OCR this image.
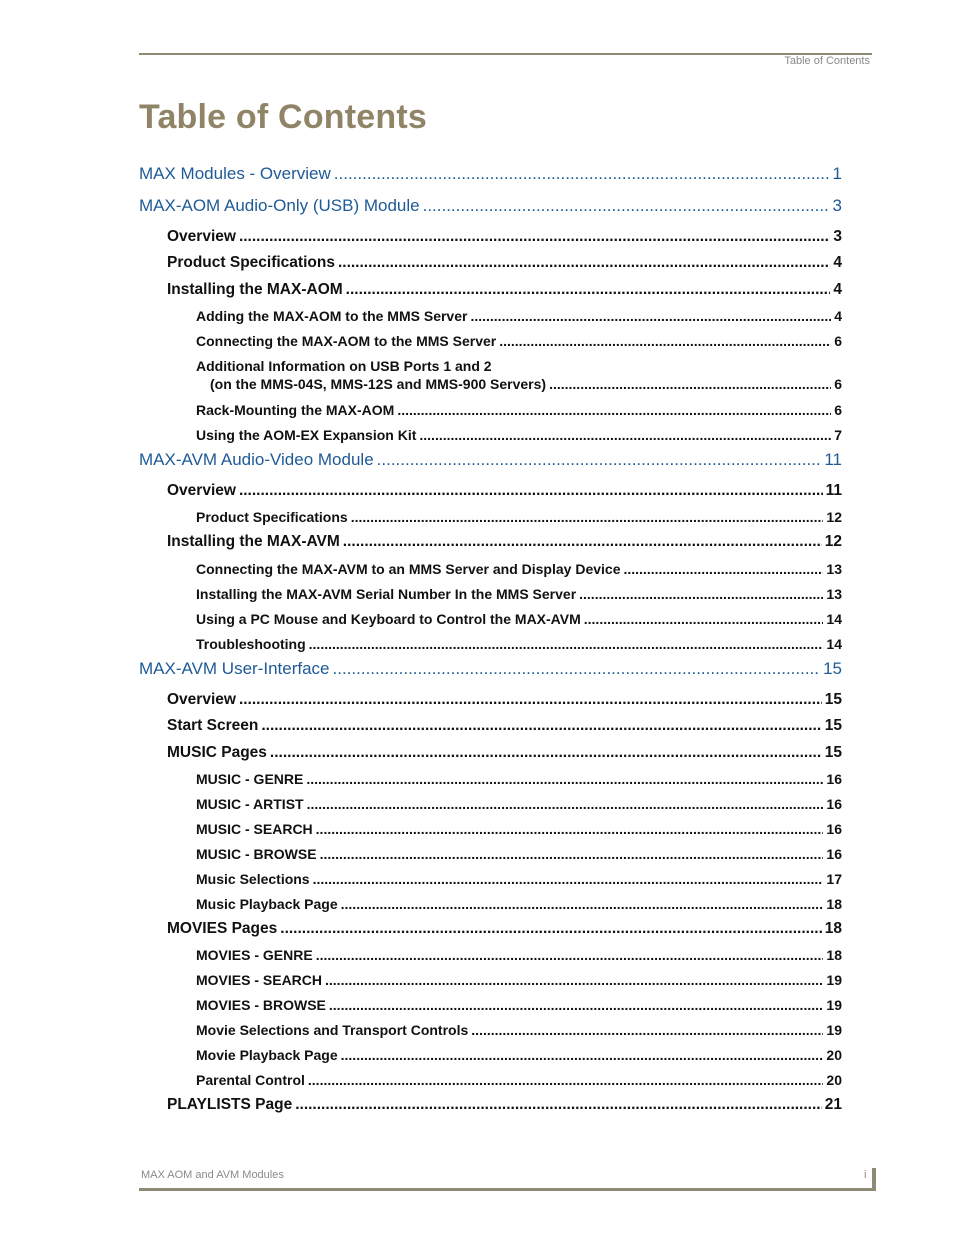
Table of Contents
Table of Contents
MAX Modules - Overview .....	1
MAX-AOM Audio-Only (USB) Module .....	3
Overview .....	3
Product Specifications .....	4
Installing the MAX-AOM .....	4
Adding the MAX-AOM to the MMS Server .....	4
Connecting the MAX-AOM to the MMS Server .....	6
Additional Information on USB Ports 1 and 2
(on the MMS-04S, MMS-12S and MMS-900 Servers) .....	6
Rack-Mounting the MAX-AOM .....	6
Using the AOM-EX Expansion Kit .....	7
MAX-AVM Audio-Video Module .....	11
Overview .....	11
Product Specifications .....	12
Installing the MAX-AVM .....	12
Connecting the MAX-AVM to an MMS Server and Display Device .....	13
Installing the MAX-AVM Serial Number In the MMS Server .....	13
Using a PC Mouse and Keyboard to Control the MAX-AVM .....	14
Troubleshooting .....	14
MAX-AVM User-Interface .....	15
Overview .....	15
Start Screen .....	15
MUSIC Pages .....	15
MUSIC - GENRE .....	16
MUSIC - ARTIST .....	16
MUSIC - SEARCH .....	16
MUSIC - BROWSE .....	16
Music Selections .....	17
Music Playback Page .....	18
MOVIES Pages .....	18
MOVIES - GENRE .....	18
MOVIES - SEARCH .....	19
MOVIES - BROWSE .....	19
Movie Selections and Transport Controls .....	19
Movie Playback Page .....	20
Parental Control .....	20
PLAYLISTS Page .....	21
MAX AOM and AVM Modules	i
